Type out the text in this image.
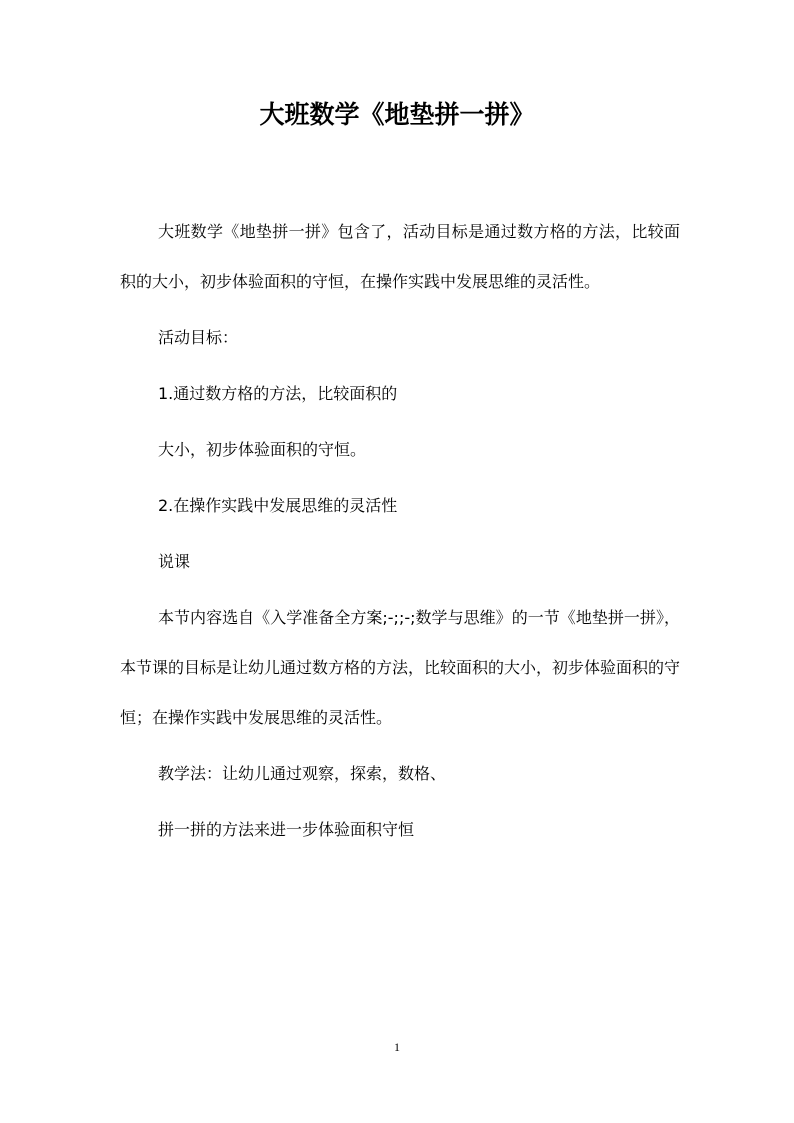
大班数学《地垫拼一拼》

大班数学《地垫拼一拼》包含了，活动目标是通过数方格的方法，比较面积的大小，初步体验面积的守恒，在操作实践中发展思维的灵活性。

活动目标：

1.通过数方格的方法，比较面积的

大小，初步体验面积的守恒。

2.在操作实践中发展思维的灵活性

说课

本节内容选自《入学准备全方案;-;;-;数学与思维》的一节《地垫拼一拼》，本节课的目标是让幼儿通过数方格的方法，比较面积的大小，初步体验面积的守恒；在操作实践中发展思维的灵活性。

教学法：让幼儿通过观察，探索，数格、

拼一拼的方法来进一步体验面积守恒

1
